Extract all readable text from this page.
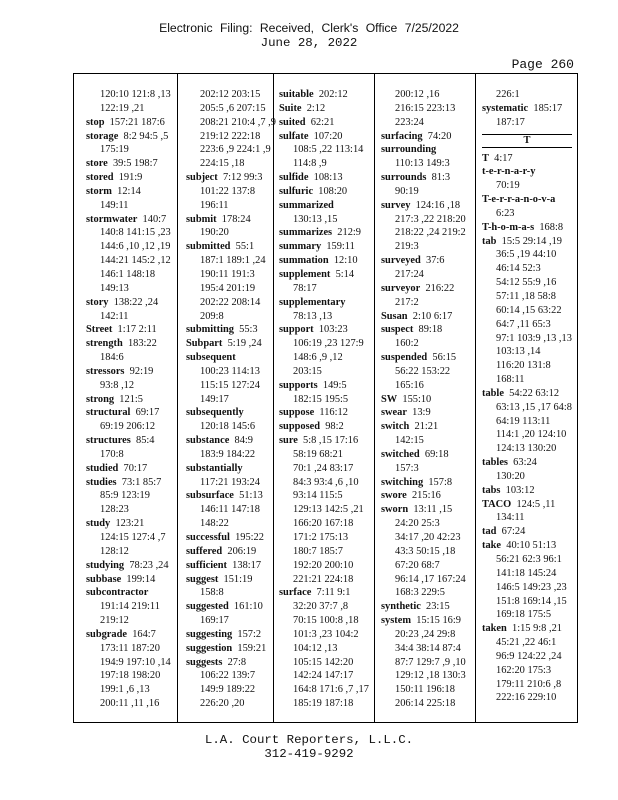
Electronic Filing: Received, Clerk's Office 7/25/2022
June 28, 2022
Page 260
120:10 121:8 ,13
122:19 ,21
stop  157:21 187:6
storage  8:2 94:5 ,5
175:19
store  39:5 198:7
stored  191:9
storm  12:14
149:11
stormwater  140:7
140:8 141:15 ,23
144:6 ,10 ,12 ,19
144:21 145:2 ,12
146:1 148:18
149:13
story  138:22 ,24
142:11
Street  1:17 2:11
strength  183:22
184:6
stressors  92:19
93:8 ,12
strong  121:5
structural  69:17
69:19 206:12
structures  85:4
170:8
studied  70:17
studies  73:1 85:7
85:9 123:19
128:23
study  123:21
124:15 127:4 ,7
128:12
studying  78:23 ,24
subbase  199:14
subcontractor
191:14 219:11
219:12
subgrade  164:7
173:11 187:20
194:9 197:10 ,14
197:18 198:20
199:1 ,6 ,13
200:11 ,11 ,16
202:12 203:15
205:5 ,6 207:15
208:21 210:4 ,7 ,9
219:12 222:18
223:6 ,9 224:1 ,9
224:15 ,18
subject  7:12 99:3
101:22 137:8
196:11
submit  178:24
190:20
submitted  55:1
187:1 189:1 ,24
190:11 191:3
195:4 201:19
202:22 208:14
209:8
submitting  55:3
Subpart  5:19 ,24
subsequent
100:23 114:13
115:15 127:24
149:17
subsequently
120:18 145:6
substance  84:9
183:9 184:22
substantially
117:21 193:24
subsurface  51:13
146:11 147:18
148:22
successful  195:22
suffered  206:19
sufficient  138:17
suggest  151:19
158:8
suggested  161:10
169:17
suggesting  157:2
suggestion  159:21
suggests  27:8
106:22 139:7
149:9 189:22
226:20 ,20
suitable  202:12
Suite  2:12
suited  62:21
sulfate  107:20
108:5 ,22 113:14
114:8 ,9
sulfide  108:13
sulfuric  108:20
summarized
130:13 ,15
summarizes  212:9
summary  159:11
summation  12:10
supplement  5:14
78:17
supplementary
78:13 ,13
support  103:23
106:19 ,23 127:9
148:6 ,9 ,12
203:15
supports  149:5
182:15 195:5
suppose  116:12
supposed  98:2
sure  5:8 ,15 17:16
58:19 68:21
70:1 ,24 83:17
84:3 93:4 ,6 ,10
93:14 115:5
129:13 142:5 ,21
166:20 167:18
171:2 175:13
180:7 185:7
192:20 200:10
221:21 224:18
surface  7:11 9:1
32:20 37:7 ,8
70:15 100:8 ,18
101:3 ,23 104:2
104:12 ,13
105:15 142:20
142:24 147:17
164:8 171:6 ,7 ,17
185:19 187:18
200:12 ,16
216:15 223:13
223:24
surfacing  74:20
surrounding
110:13 149:3
surrounds  81:3
90:19
survey  124:16 ,18
217:3 ,22 218:20
218:22 ,24 219:2
219:3
surveyed  37:6
217:24
surveyor  216:22
217:2
Susan  2:10 6:17
suspect  89:18
160:2
suspended  56:15
56:22 153:22
165:16
SW  155:10
swear  13:9
switch  21:21
142:15
switched  69:18
157:3
switching  157:8
swore  215:16
sworn  13:11 ,15
24:20 25:3
34:17 ,20 42:23
43:3 50:15 ,18
67:20 68:7
96:14 ,17 167:24
168:3 229:5
synthetic  23:15
system  15:15 16:9
20:23 ,24 29:8
34:4 38:14 87:4
87:7 129:7 ,9 ,10
129:12 ,18 130:3
150:11 196:18
206:14 225:18
226:1
systematic  185:17
187:17
T
T  4:17
t-e-r-n-a-r-y
70:19
T-e-r-r-a-n-o-v-a
6:23
T-h-o-m-a-s  168:8
tab  15:5 29:14 ,19
36:5 ,19 44:10
46:14 52:3
54:12 55:9 ,16
57:11 ,18 58:8
60:14 ,15 63:22
64:7 ,11 65:3
97:1 103:9 ,13 ,13
103:13 ,14
116:20 131:8
168:11
table  54:22 63:12
63:13 ,15 ,17 64:8
64:19 113:11
114:1 ,20 124:10
124:13 130:20
tables  63:24
130:20
tabs  103:12
TACO  124:5 ,11
134:11
tad  67:24
take  40:10 51:13
56:21 62:3 96:1
141:18 145:24
146:5 149:23 ,23
151:8 169:14 ,15
169:18 175:5
taken  1:15 9:8 ,21
45:21 ,22 46:1
96:9 124:22 ,24
162:20 175:3
179:11 210:6 ,8
222:16 229:10
L.A. Court Reporters, L.L.C.
312-419-9292
